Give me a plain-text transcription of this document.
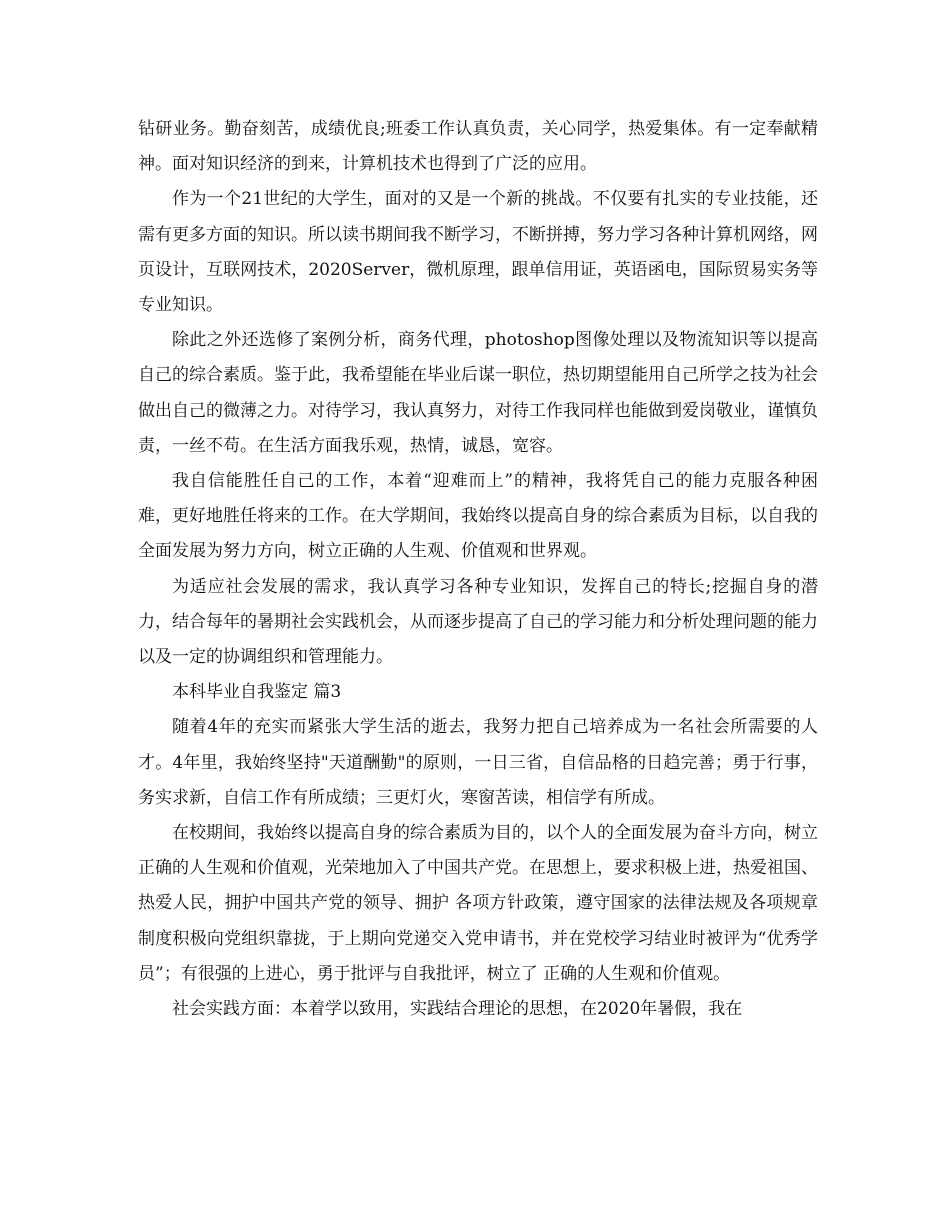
钻研业务。勤奋刻苦，成绩优良;班委工作认真负责，关心同学，热爱集体。有一定奉献精神。面对知识经济的到来，计算机技术也得到了广泛的应用。

作为一个21世纪的大学生，面对的又是一个新的挑战。不仅要有扎实的专业技能，还需有更多方面的知识。所以读书期间我不断学习，不断拼搏，努力学习各种计算机网络，网页设计，互联网技术，2020Server，微机原理，跟单信用证，英语函电，国际贸易实务等专业知识。

除此之外还选修了案例分析，商务代理，photoshop图像处理以及物流知识等以提高自己的综合素质。鉴于此，我希望能在毕业后谋一职位，热切期望能用自己所学之技为社会做出自己的微薄之力。对待学习，我认真努力，对待工作我同样也能做到爱岗敬业，谨慎负责，一丝不苟。在生活方面我乐观，热情，诚恳，宽容。

我自信能胜任自己的工作，本着“迎难而上”的精神，我将凭自己的能力克服各种困难，更好地胜任将来的工作。在大学期间，我始终以提高自身的综合素质为目标，以自我的全面发展为努力方向，树立正确的人生观、价值观和世界观。

为适应社会发展的需求，我认真学习各种专业知识，发挥自己的特长;挖掘自身的潜力，结合每年的暑期社会实践机会，从而逐步提高了自己的学习能力和分析处理问题的能力以及一定的协调组织和管理能力。

本科毕业自我鉴定 篇3

随着4年的充实而紧张大学生活的逝去，我努力把自己培养成为一名社会所需要的人才。4年里，我始终坚持"天道酬勤"的原则，一日三省，自信品格的日趋完善；勇于行事，务实求新，自信工作有所成绩；三更灯火，寒窗苦读，相信学有所成。

在校期间，我始终以提高自身的综合素质为目的，以个人的全面发展为奋斗方向，树立正确的人生观和价值观，光荣地加入了中国共产党。在思想上，要求积极上进，热爱祖国、热爱人民，拥护中国共产党的领导、拥护 各项方针政策，遵守国家的法律法规及各项规章制度积极向党组织靠拢，于上期向党递交入党申请书，并在党校学习结业时被评为“优秀学员”；有很强的上进心，勇于批评与自我批评，树立了 正确的人生观和价值观。

社会实践方面：本着学以致用，实践结合理论的思想，在2020年暑假，我在
